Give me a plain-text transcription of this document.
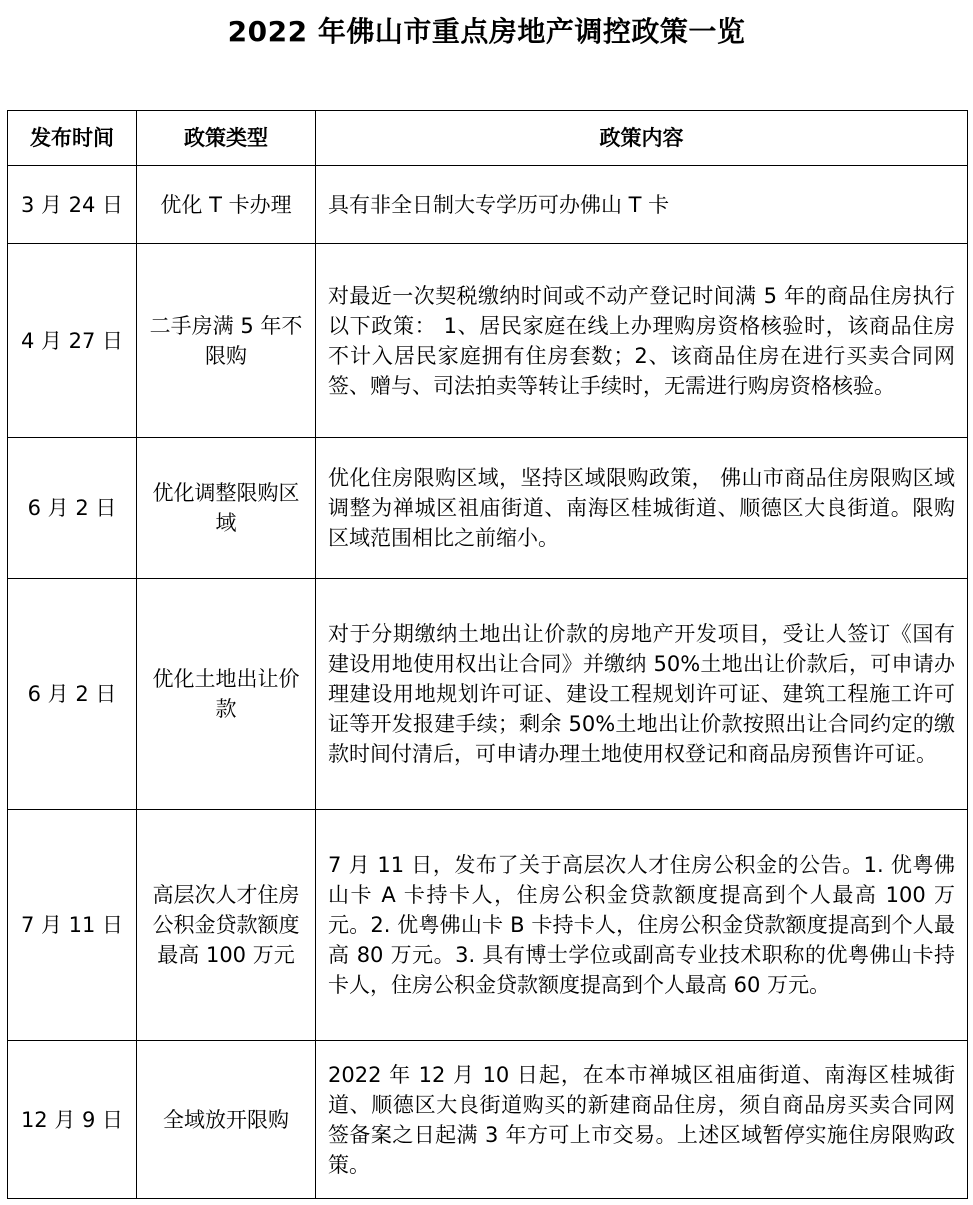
2022 年佛山市重点房地产调控政策一览
发布时间	政策类型	政策内容
3 月 24 日	优化 T 卡办理	具有非全日制大专学历可办佛山 T 卡
4 月 27 日	二手房满 5 年不限购	对最近一次契税缴纳时间或不动产登记时间满 5 年的商品住房执行以下政策： 1、居民家庭在线上办理购房资格核验时，该商品住房不计入居民家庭拥有住房套数；2、该商品住房在进行买卖合同网签、赠与、司法拍卖等转让手续时，无需进行购房资格核验。
6 月 2 日	优化调整限购区域	优化住房限购区域，坚持区域限购政策， 佛山市商品住房限购区域调整为禅城区祖庙街道、南海区桂城街道、顺德区大良街道。限购区域范围相比之前缩小。
6 月 2 日	优化土地出让价款	对于分期缴纳土地出让价款的房地产开发项目，受让人签订《国有建设用地使用权出让合同》并缴纳 50%土地出让价款后，可申请办理建设用地规划许可证、建设工程规划许可证、建筑工程施工许可证等开发报建手续；剩余 50%土地出让价款按照出让合同约定的缴款时间付清后，可申请办理土地使用权登记和商品房预售许可证。
7 月 11 日	高层次人才住房公积金贷款额度最高 100 万元	7 月 11 日，发布了关于高层次人才住房公积金的公告。1. 优粤佛山卡 A 卡持卡人，住房公积金贷款额度提高到个人最高 100 万元。2. 优粤佛山卡 B 卡持卡人，住房公积金贷款额度提高到个人最高 80 万元。3. 具有博士学位或副高专业技术职称的优粤佛山卡持卡人，住房公积金贷款额度提高到个人最高 60 万元。
12 月 9 日	全域放开限购	2022 年 12 月 10 日起，在本市禅城区祖庙街道、南海区桂城街道、顺德区大良街道购买的新建商品住房，须自商品房买卖合同网签备案之日起满 3 年方可上市交易。上述区域暂停实施住房限购政策。
